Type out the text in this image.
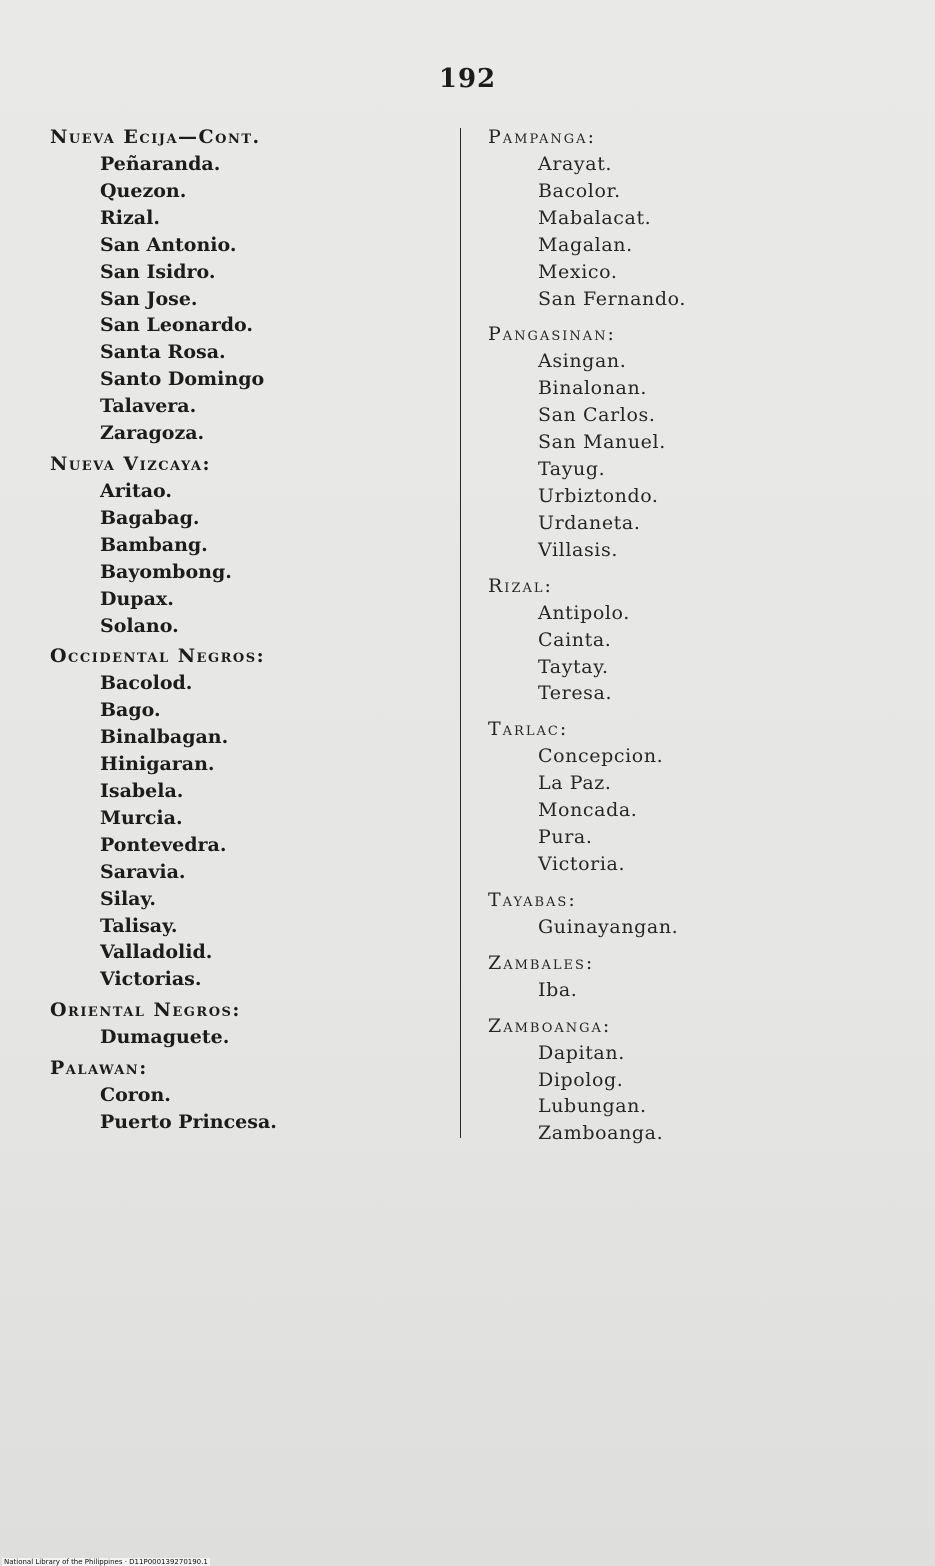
192
Nueva Ecija—Cont.
Peñaranda.
Quezon.
Rizal.
San Antonio.
San Isidro.
San Jose.
San Leonardo.
Santa Rosa.
Santo Domingo
Talavera.
Zaragoza.
Nueva Vizcaya:
Aritao.
Bagabag.
Bambang.
Bayombong.
Dupax.
Solano.
Occidental Negros:
Bacolod.
Bago.
Binalbagan.
Hinigaran.
Isabela.
Murcia.
Pontevedra.
Saravia.
Silay.
Talisay.
Valladolid.
Victorias.
Oriental Negros:
Dumaguete.
Palawan:
Coron.
Puerto Princesa.
Pampanga:
Arayat.
Bacolor.
Mabalacat.
Magalan.
Mexico.
San Fernando.
Pangasinan:
Asingan.
Binalonan.
San Carlos.
San Manuel.
Tayug.
Urbiztondo.
Urdaneta.
Villasis.
Rizal:
Antipolo.
Cainta.
Taytay.
Teresa.
Tarlac:
Concepcion.
La Paz.
Moncada.
Pura.
Victoria.
Tayabas:
Guinayangan.
Zambales:
Iba.
Zamboanga:
Dapitan.
Dipolog.
Lubungan.
Zamboanga.
National Library of the Philippines · D11P000139270190.1
